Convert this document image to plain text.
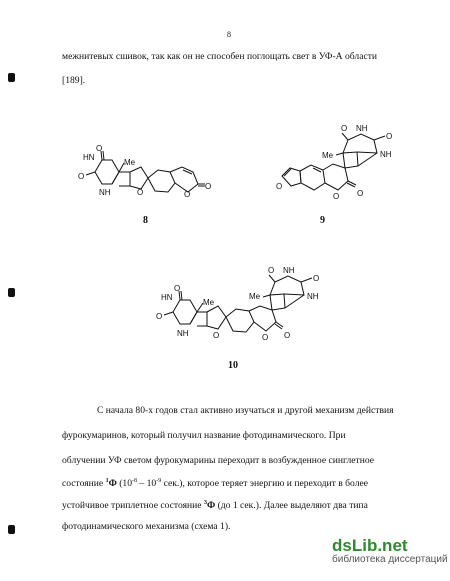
8
межнитевых сшивок, так как он не способен поглощать свет в УФ-А области
[189].
O
HN
O
NH
Me
O	O
O
8
O NH
O
NH
Me
O
O O
9
O
HN
O
NH
Me
O
Me
O NH
O
NH
O O
10
С начала 80-х годов стал активно изучаться и другой механизм действия
фурокумаринов, который получил название фотодинамического. При
облучении УФ светом фурокумарины переходит в возбужденное синглетное
состояние $^1$Ф ($10^{-8} - 10^{-9}$ сек.), которое теряет энергию и переходит в более
устойчивое триплетное состояние $^3$Ф (до 1 сек.). Далее выделяют два типа
фотодинамического механизма (схема 1).
dsLib.net
библиотека диссертаций
